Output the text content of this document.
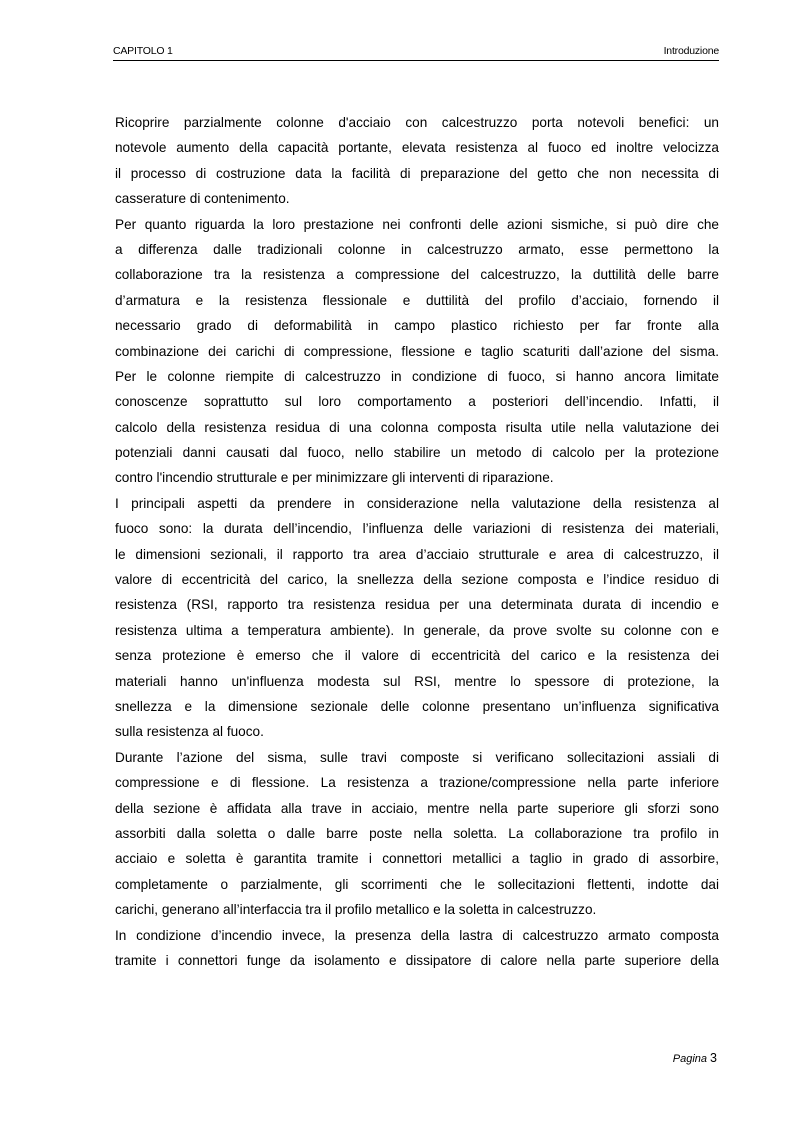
CAPITOLO 1	Introduzione
Ricoprire parzialmente colonne d'acciaio con calcestruzzo porta notevoli benefici: un
notevole aumento della capacità portante, elevata resistenza al fuoco ed inoltre velocizza
il processo di costruzione data la facilità di preparazione del getto che non necessita di
casserature di contenimento.
Per quanto riguarda la loro prestazione nei confronti delle azioni sismiche, si può dire che
a differenza dalle tradizionali colonne in calcestruzzo armato, esse permettono la
collaborazione tra la resistenza a compressione del calcestruzzo, la duttilità delle barre
d’armatura e la resistenza flessionale e duttilità del profilo d’acciaio, fornendo il
necessario grado di deformabilità in campo plastico richiesto per far fronte alla
combinazione dei carichi di compressione, flessione e taglio scaturiti dall’azione del sisma.
Per le colonne riempite di calcestruzzo in condizione di fuoco, si hanno ancora limitate
conoscenze soprattutto sul loro comportamento a posteriori dell’incendio. Infatti, il
calcolo della resistenza residua di una colonna composta risulta utile nella valutazione dei
potenziali danni causati dal fuoco, nello stabilire un metodo di calcolo per la protezione
contro l'incendio strutturale e per minimizzare gli interventi di riparazione.
I principali aspetti da prendere in considerazione nella valutazione della resistenza al
fuoco sono: la durata dell’incendio, l’influenza delle variazioni di resistenza dei materiali,
le dimensioni sezionali, il rapporto tra area d’acciaio strutturale e area di calcestruzzo, il
valore di eccentricità del carico, la snellezza della sezione composta e l’indice residuo di
resistenza (RSI, rapporto tra resistenza residua per una determinata durata di incendio e
resistenza ultima a temperatura ambiente). In generale, da prove svolte su colonne con e
senza protezione è emerso che il valore di eccentricità del carico e la resistenza dei
materiali hanno un'influenza modesta sul RSI, mentre lo spessore di protezione, la
snellezza e la dimensione sezionale delle colonne presentano un’influenza significativa
sulla resistenza al fuoco.
Durante l’azione del sisma, sulle travi composte si verificano sollecitazioni assiali di
compressione e di flessione. La resistenza a trazione/compressione nella parte inferiore
della sezione è affidata alla trave in acciaio, mentre nella parte superiore gli sforzi sono
assorbiti dalla soletta o dalle barre poste nella soletta. La collaborazione tra profilo in
acciaio e soletta è garantita tramite i connettori metallici a taglio in grado di assorbire,
completamente o parzialmente, gli scorrimenti che le sollecitazioni flettenti, indotte dai
carichi, generano all’interfaccia tra il profilo metallico e la soletta in calcestruzzo.
In condizione d’incendio invece, la presenza della lastra di calcestruzzo armato composta
tramite i connettori funge da isolamento e dissipatore di calore nella parte superiore della
Pagina 3
